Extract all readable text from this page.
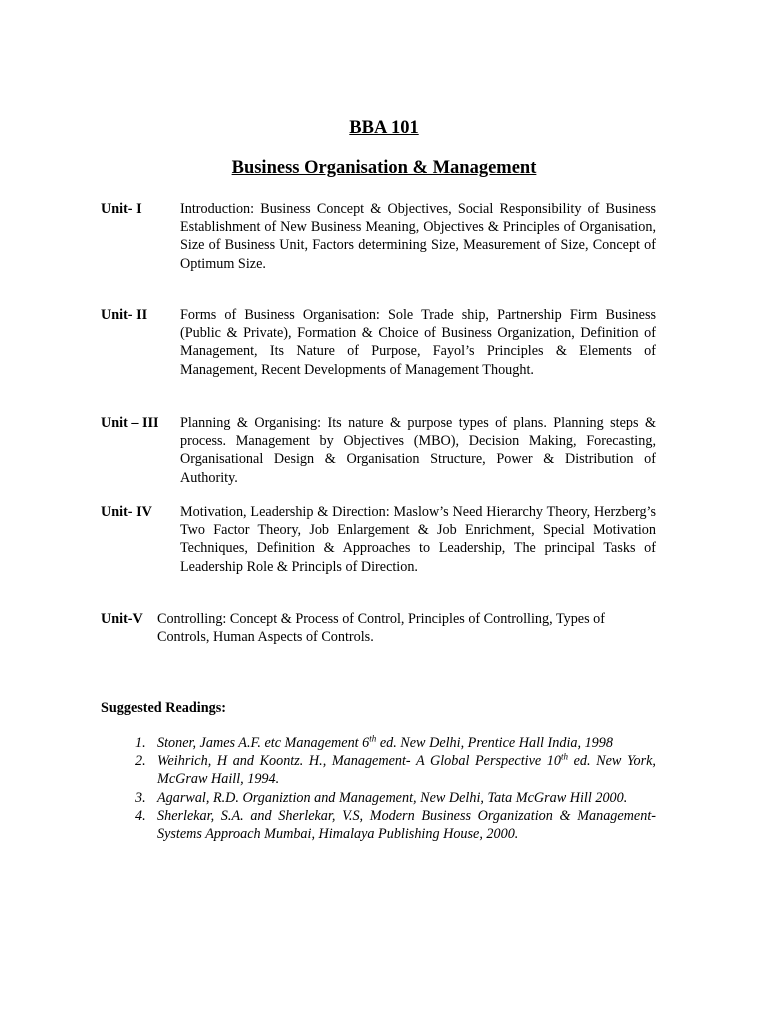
BBA 101
Business Organisation & Management
Unit- I	Introduction: Business Concept & Objectives, Social Responsibility of Business Establishment of New Business Meaning, Objectives & Principles of Organisation, Size of Business Unit, Factors determining Size, Measurement of Size, Concept of Optimum Size.
Unit- II Forms of Business Organisation: Sole Trade ship, Partnership Firm Business (Public & Private), Formation & Choice of Business Organization, Definition of Management, Its Nature of Purpose, Fayol’s Principles & Elements of Management, Recent Developments of Management Thought.
Unit – III Planning & Organising: Its nature & purpose types of plans. Planning steps & process. Management by Objectives (MBO), Decision Making, Forecasting, Organisational Design & Organisation Structure, Power & Distribution of Authority.
Unit- IV Motivation, Leadership & Direction: Maslow’s Need Hierarchy Theory, Herzberg’s Two Factor Theory, Job Enlargement & Job Enrichment, Special Motivation Techniques, Definition & Approaches to Leadership, The principal Tasks of Leadership Role & Principls of Direction.
Unit-V Controlling: Concept & Process of Control, Principles of Controlling, Types of Controls, Human Aspects of Controls.
Suggested Readings:
1. Stoner, James A.F. etc Management 6th ed. New Delhi, Prentice Hall India, 1998
2. Weihrich, H and Koontz. H., Management- A Global Perspective 10th ed. New York, McGraw Haill, 1994.
3. Agarwal, R.D. Organiztion and Management, New Delhi, Tata McGraw Hill 2000.
4. Sherlekar, S.A. and Sherlekar, V.S, Modern Business Organization & Management-Systems Approach Mumbai, Himalaya Publishing House, 2000.
